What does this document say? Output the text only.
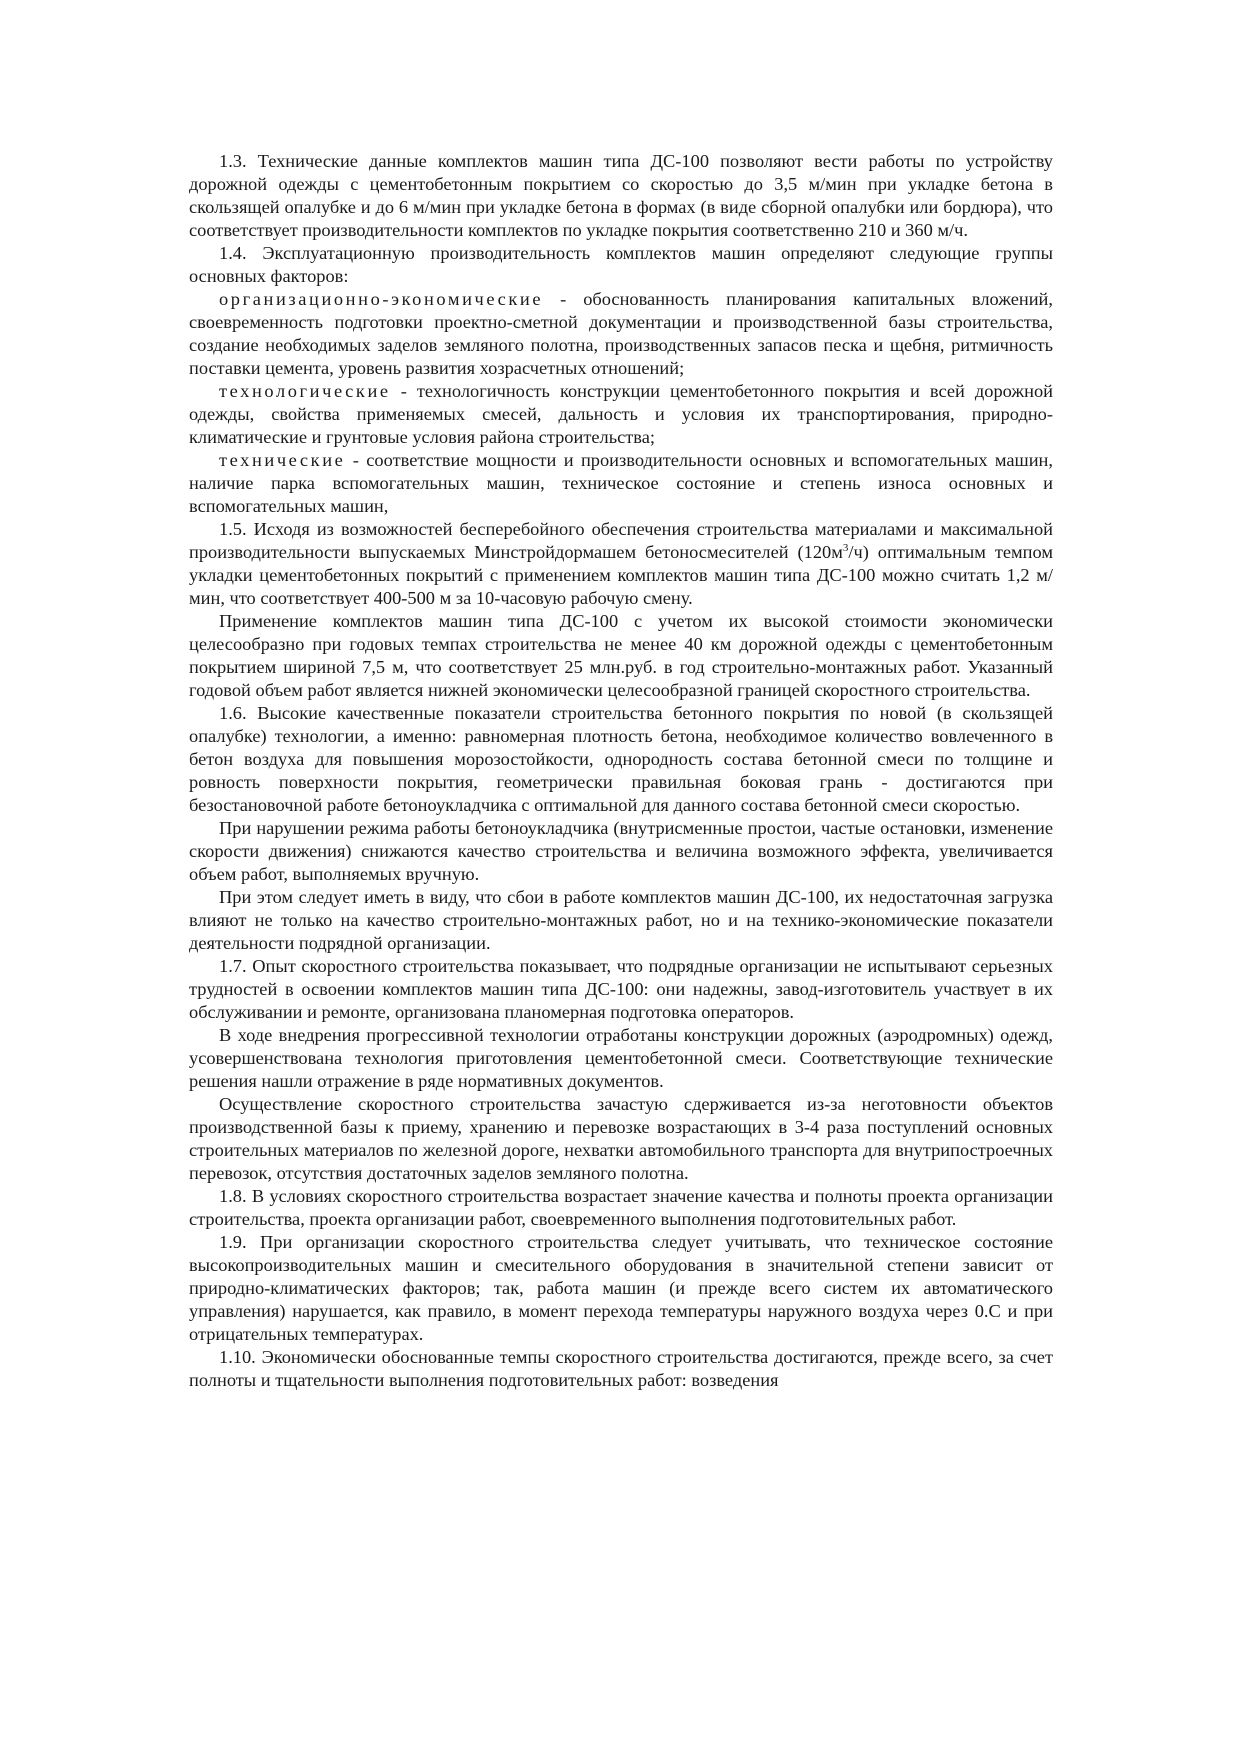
1.3. Технические данные комплектов машин типа ДС-100 позволяют вести работы по устройству дорожной одежды с цементобетонным покрытием со скоростью до 3,5 м/мин при укладке бетона в скользящей опалубке и до 6 м/мин при укладке бетона в формах (в виде сборной опалубки или бордюра), что соответствует производительности комплектов по укладке покрытия соответственно 210 и 360 м/ч.

1.4. Эксплуатационную производительность комплектов машин определяют следующие группы основных факторов:

организационно-экономические - обоснованность планирования капитальных вложений, своевременность подготовки проектно-сметной документации и производственной базы строительства, создание необходимых заделов земляного полотна, производственных запасов песка и щебня, ритмичность поставки цемента, уровень развития хозрасчетных отношений;

технологические - технологичность конструкции цементобетонного покрытия и всей дорожной одежды, свойства применяемых смесей, дальность и условия их транспортирования, природно-климатические и грунтовые условия района строительства;

технические - соответствие мощности и производительности основных и вспомогательных машин, наличие парка вспомогательных машин, техническое состояние и степень износа основных и вспомогательных машин,

1.5. Исходя из возможностей бесперебойного обеспечения строительства материалами и максимальной производительности выпускаемых Минстройдормашем бетоносмесителей $(120м^3/ч)$ оптимальным темпом укладки цементобетонных покрытий с применением комплектов машин типа ДС-100 можно считать 1,2 м/мин, что соответствует 400-500 м за 10-часовую рабочую смену.

Применение комплектов машин типа ДС-100 с учетом их высокой стоимости экономически целесообразно при годовых темпах строительства не менее 40 км дорожной одежды с цементобетонным покрытием шириной 7,5 м, что соответствует 25 млн.руб. в год строительно-монтажных работ. Указанный годовой объем работ является нижней экономически целесообразной границей скоростного строительства.

1.6. Высокие качественные показатели строительства бетонного покрытия по новой (в скользящей опалубке) технологии, а именно: равномерная плотность бетона, необходимое количество вовлеченного в бетон воздуха для повышения морозостойкости, однородность состава бетонной смеси по толщине и ровность поверхности покрытия, геометрически правильная боковая грань - достигаются при безостановочной работе бетоноукладчика с оптимальной для данного состава бетонной смеси скоростью.

При нарушении режима работы бетоноукладчика (внутрисменные простои, частые остановки, изменение скорости движения) снижаются качество строительства и величина возможного эффекта, увеличивается объем работ, выполняемых вручную.

При этом следует иметь в виду, что сбои в работе комплектов машин ДС-100, их недостаточная загрузка влияют не только на качество строительно-монтажных работ, но и на технико-экономические показатели деятельности подрядной организации.

1.7. Опыт скоростного строительства показывает, что подрядные организации не испытывают серьезных трудностей в освоении комплектов машин типа ДС-100: они надежны, завод-изготовитель участвует в их обслуживании и ремонте, организована планомерная подготовка операторов.

В ходе внедрения прогрессивной технологии отработаны конструкции дорожных (аэродромных) одежд, усовершенствована технология приготовления цементобетонной смеси. Соответствующие технические решения нашли отражение в ряде нормативных документов.

Осуществление скоростного строительства зачастую сдерживается из-за неготовности объектов производственной базы к приему, хранению и перевозке возрастающих в 3-4 раза поступлений основных строительных материалов по железной дороге, нехватки автомобильного транспорта для внутрипостроечных перевозок, отсутствия достаточных заделов земляного полотна.

1.8. В условиях скоростного строительства возрастает значение качества и полноты проекта организации строительства, проекта организации работ, своевременного выполнения подготовительных работ.

1.9. При организации скоростного строительства следует учитывать, что техническое состояние высокопроизводительных машин и смесительного оборудования в значительной степени зависит от природно-климатических факторов; так, работа машин (и прежде всего систем их автоматического управления) нарушается, как правило, в момент перехода температуры наружного воздуха через 0.С и при отрицательных температурах.

1.10. Экономически обоснованные темпы скоростного строительства достигаются, прежде всего, за счет полноты и тщательности выполнения подготовительных работ: возведения
